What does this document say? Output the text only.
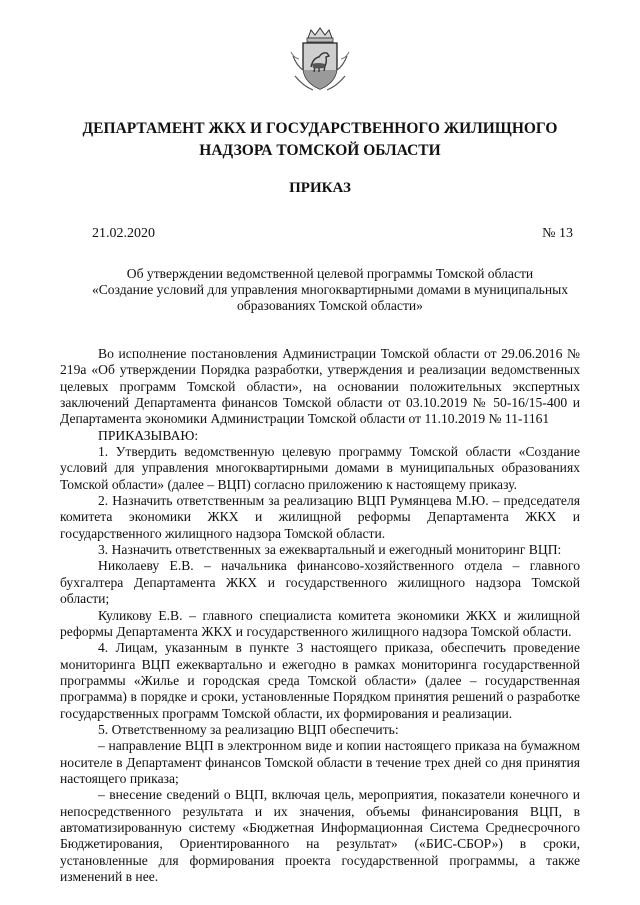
ДЕПАРТАМЕНТ ЖКХ И ГОСУДАРСТВЕННОГО ЖИЛИЩНОГО
НАДЗОРА ТОМСКОЙ ОБЛАСТИ
ПРИКАЗ
21.02.2020	№ 13
Об утверждении ведомственной целевой программы Томской области
«Создание условий для управления многоквартирными домами в муниципальных
образованиях Томской области»

Во исполнение постановления Администрации Томской области от 29.06.2016 № 219а «Об утверждении Порядка разработки, утверждения и реализации ведомственных целевых программ Томской области», на основании положительных экспертных заключений Департамента финансов Томской области от 03.10.2019 № 50-16/15-400 и Департамента экономики Администрации Томской области от 11.10.2019 № 11-1161

ПРИКАЗЫВАЮ:

1. Утвердить ведомственную целевую программу Томской области «Создание условий для управления многоквартирными домами в муниципальных образованиях Томской области» (далее – ВЦП) согласно приложению к настоящему приказу.

2. Назначить ответственным за реализацию ВЦП Румянцева М.Ю. – председателя комитета экономики ЖКХ и жилищной реформы Департамента ЖКХ и государственного жилищного надзора Томской области.

3. Назначить ответственных за ежеквартальный и ежегодный мониторинг ВЦП:

Николаеву Е.В. – начальника финансово-хозяйственного отдела – главного бухгалтера Департамента ЖКХ и государственного жилищного надзора Томской области;

Куликову Е.В. – главного специалиста комитета экономики ЖКХ и жилищной реформы Департамента ЖКХ и государственного жилищного надзора Томской области.

4. Лицам, указанным в пункте 3 настоящего приказа, обеспечить проведение мониторинга ВЦП ежеквартально и ежегодно в рамках мониторинга государственной программы «Жилье и городская среда Томской области» (далее – государственная программа) в порядке и сроки, установленные Порядком принятия решений о разработке государственных программ Томской области, их формирования и реализации.

5. Ответственному за реализацию ВЦП обеспечить:

– направление ВЦП в электронном виде и копии настоящего приказа на бумажном носителе в Департамент финансов Томской области в течение трех дней со дня принятия настоящего приказа;

– внесение сведений о ВЦП, включая цель, мероприятия, показатели конечного и непосредственного результата и их значения, объемы финансирования ВЦП, в автоматизированную систему «Бюджетная Информационная Система Среднесрочного Бюджетирования, Ориентированного на результат» («БИС-СБОР») в сроки, установленные для формирования проекта государственной программы, а также изменений в нее.
